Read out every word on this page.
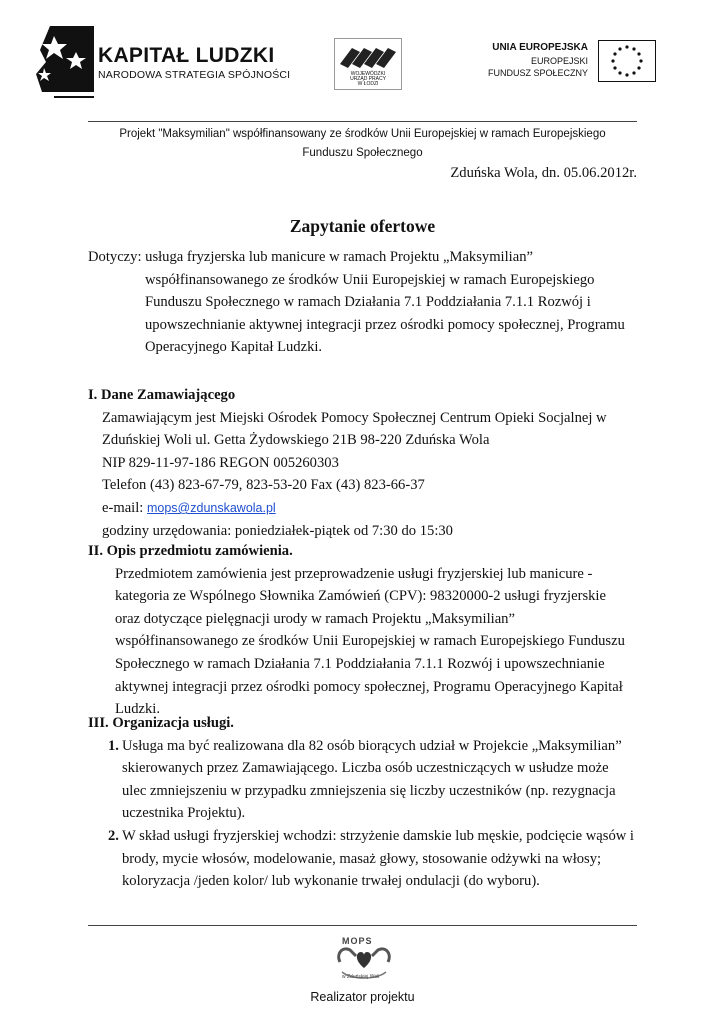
KAPITAŁ LUDZKI
NARODOWA STRATEGIA SPÓJNOŚCI	WOJEWÓDZKI
URZĄD PRACY
W ŁODZI
UNIA EUROPEJSKA
EUROPEJSKI
FUNDUSZ SPOŁECZNY
Projekt "Maksymilian" współfinansowany ze środków Unii Europejskiej w ramach Europejskiego
Funduszu Społecznego
Zduńska Wola, dn. 05.06.2012r.
Zapytanie ofertowe
Dotyczy: usługa fryzjerska lub manicure w ramach Projektu „Maksymilian”
współfinansowanego ze środków Unii Europejskiej w ramach Europejskiego
Funduszu Społecznego w ramach Działania 7.1 Poddziałania 7.1.1 Rozwój i
upowszechnianie aktywnej integracji przez ośrodki pomocy społecznej, Programu
Operacyjnego Kapitał Ludzki.
I. Dane Zamawiającego
Zamawiającym jest Miejski Ośrodek Pomocy Społecznej Centrum Opieki Socjalnej w
Zduńskiej Woli ul. Getta Żydowskiego 21B 98-220 Zduńska Wola
NIP 829-11-97-186 REGON 005260303
Telefon (43) 823-67-79, 823-53-20 Fax (43) 823-66-37
e-mail: mops@zdunskawola.pl
godziny urzędowania: poniedziałek-piątek od 7:30 do 15:30
II. Opis przedmiotu zamówienia.
Przedmiotem zamówienia jest przeprowadzenie usługi fryzjerskiej lub manicure -
kategoria ze Wspólnego Słownika Zamówień (CPV): 98320000-2 usługi fryzjerskie
oraz dotyczące pielęgnacji urody w ramach Projektu „Maksymilian”
współfinansowanego ze środków Unii Europejskiej w ramach Europejskiego Funduszu
Społecznego w ramach Działania 7.1 Poddziałania 7.1.1 Rozwój i upowszechnianie
aktywnej integracji przez ośrodki pomocy społecznej, Programu Operacyjnego Kapitał
Ludzki.
III. Organizacja usługi.
1. Usługa ma być realizowana dla 82 osób biorących udział w Projekcie „Maksymilian”
skierowanych przez Zamawiającego. Liczba osób uczestniczących w usłudze może
ulec zmniejszeniu w przypadku zmniejszenia się liczby uczestników (np. rezygnacja
uczestnika Projektu).
2. W skład usługi fryzjerskiej wchodzi: strzyżenie damskie lub męskie, podcięcie wąsów i
brody, mycie włosów, modelowanie, masaż głowy, stosowanie odżywki na włosy;
koloryzacja /jeden kolor/ lub wykonanie trwałej ondulacji (do wyboru).
MOPS
w Zduńskiej Woli
Realizator projektu
